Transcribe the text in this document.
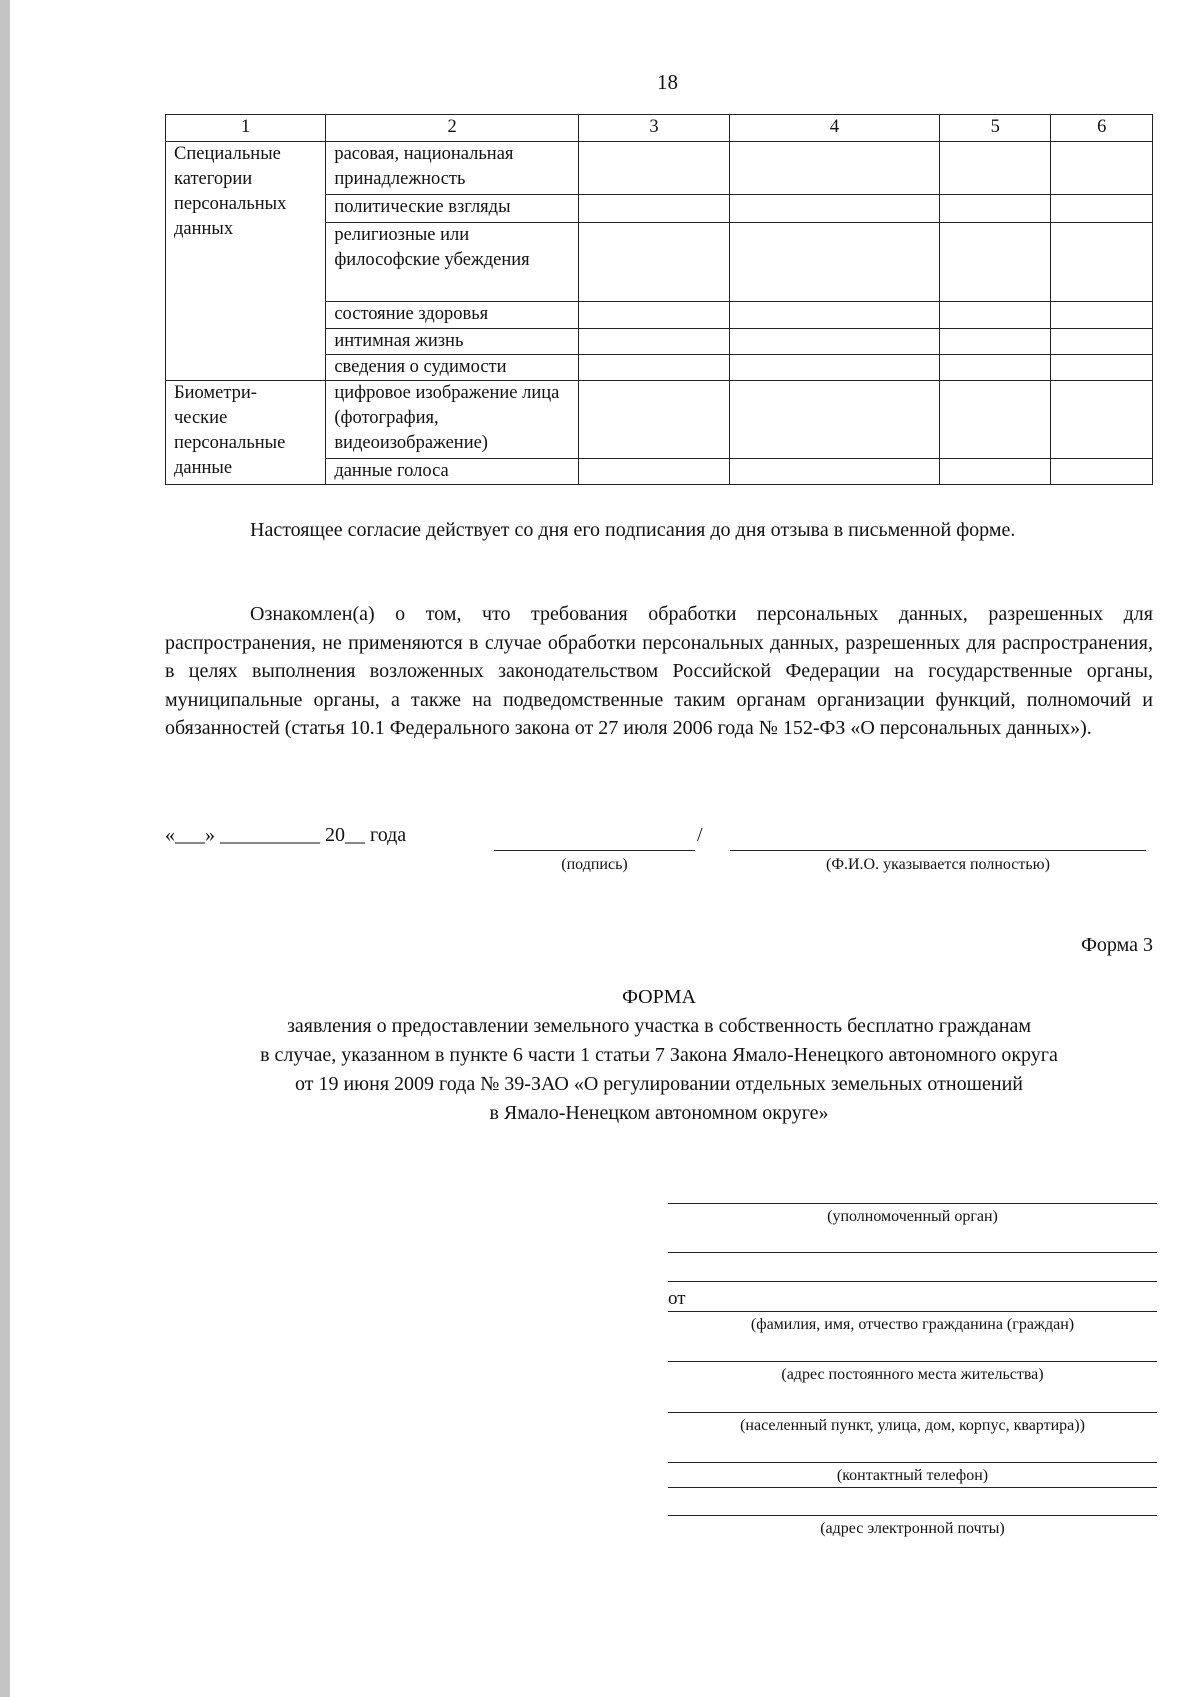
18
1	2	3	4	5	6
Специальные категории персональных данных	расовая, национальная принадлежность				
	политические взгляды				
	религиозные или философские убеждения				
	состояние здоровья				
	интимная жизнь				
	сведения о судимости				
Биометри-ческие персональные данные	цифровое изображение лица (фотография, видеоизображение)				
	данные голоса				
Настоящее согласие действует со дня его подписания до дня отзыва в письменной форме.
Ознакомлен(а) о том, что требования обработки персональных данных, разрешенных для распространения, не применяются в случае обработки персональных данных, разрешенных для распространения, в целях выполнения возложенных законодательством Российской Федерации на государственные органы, муниципальные органы, а также на подведомственные таким органам организации функций, полномочий и обязанностей (статья 10.1 Федерального закона от 27 июля 2006 года № 152-ФЗ «О персональных данных»).
«___» __________ 20__ года	/
(подпись)	(Ф.И.О. указывается полностью)
Форма 3
ФОРМА
заявления о предоставлении земельного участка в собственность бесплатно гражданам
в случае, указанном в пункте 6 части 1 статьи 7 Закона Ямало-Ненецкого автономного округа
от 19 июня 2009 года № 39-ЗАО «О регулировании отдельных земельных отношений
в Ямало-Ненецком автономном округе»
(уполномоченный орган)
от
(фамилия, имя, отчество гражданина (граждан)
(адрес постоянного места жительства)
(населенный пункт, улица, дом, корпус, квартира))
(контактный телефон)
(адрес электронной почты)
